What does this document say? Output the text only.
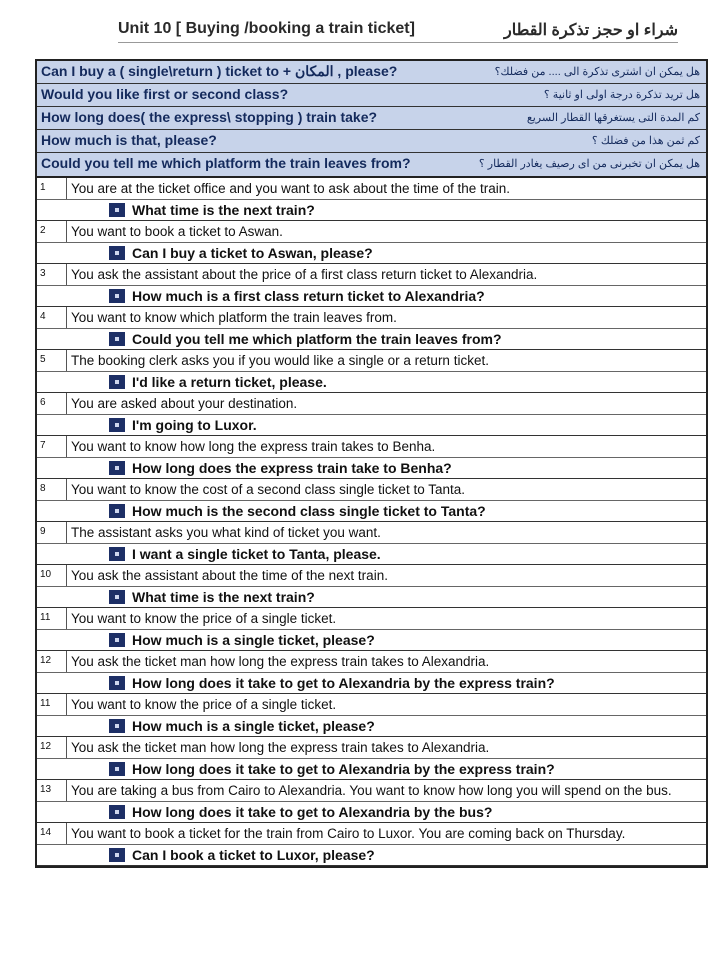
Unit 10 [ Buying /booking a train ticket]	شراء او حجز تذكرة القطار
Can I buy a ( single\return ) ticket to + المكان , please?	هل يمكن ان اشترى تذكرة الى .... من فضلك؟
Would you like first or second class?	هل تريد تذكرة درجة اولى او ثانية ؟
How long does( the express\ stopping ) train take?	كم المدة التى يستغرقها القطار السريع
How much is that, please?	كم ثمن هذا من فضلك ؟
Could you tell me which platform the train leaves from?	هل يمكن ان تخبرنى من اى رصيف يغادر القطار ؟
1	You are at the ticket office and you want to ask about the time of the train.
What time is the next train?
2	You want to book a ticket to Aswan.
Can I buy a ticket to Aswan, please?
3	You ask the assistant about the price of a first class return ticket to Alexandria.
How much is a first class return ticket to Alexandria?
4	You want to know which platform the train leaves from.
Could you tell me which platform the train leaves from?
5	The booking clerk asks you if you would like a single or a return ticket.
I'd like a return ticket, please.
6	You are asked about your destination.
I'm going to Luxor.
7	You want to know how long the express train takes to Benha.
How long does the express train take to Benha?
8	You want to know the cost of a second class single ticket to Tanta.
How much is the second class single ticket to Tanta?
9	The assistant asks you what kind of ticket you want.
I want a single ticket to Tanta, please.
10	You ask the assistant about the time of the next train.
What time is the next train?
11	You want to know the price of a single ticket.
How much is a single ticket, please?
12	You ask the ticket man how long the express train takes to Alexandria.
How long does it take to get to Alexandria by the express train?
11	You want to know the price of a single ticket.
How much is a single ticket, please?
12	You ask the ticket man how long the express train takes to Alexandria.
How long does it take to get to Alexandria by the express train?
13	You are taking a bus from Cairo to Alexandria. You want to know how long you will spend on the bus.
How long does it take to get to Alexandria by the bus?
14	You want to book a ticket for the train from Cairo to Luxor. You are coming back on Thursday.
Can I book a ticket to Luxor, please?
